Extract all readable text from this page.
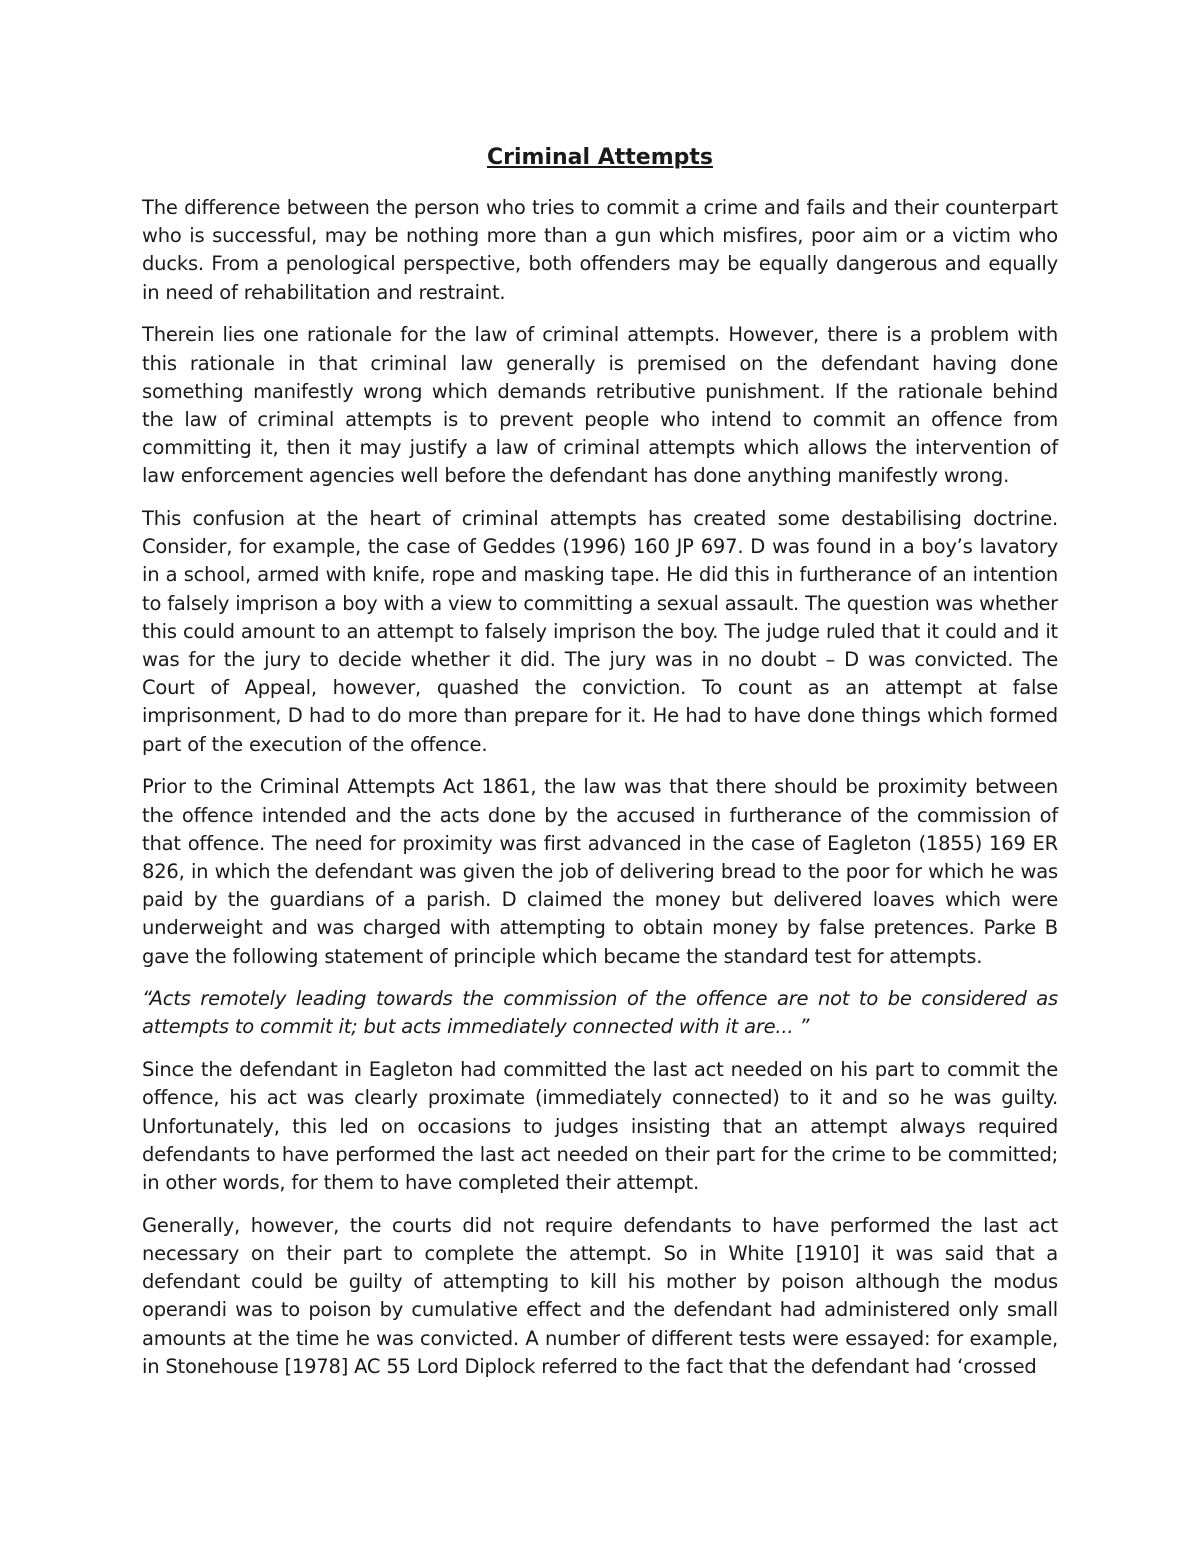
Criminal Attempts

The difference between the person who tries to commit a crime and fails and their counterpart who is successful, may be nothing more than a gun which misfires, poor aim or a victim who ducks. From a penological perspective, both offenders may be equally dangerous and equally in need of rehabilitation and restraint.

Therein lies one rationale for the law of criminal attempts. However, there is a problem with this rationale in that criminal law generally is premised on the defendant having done something manifestly wrong which demands retributive punishment. If the rationale behind the law of criminal attempts is to prevent people who intend to commit an offence from committing it, then it may justify a law of criminal attempts which allows the intervention of law enforcement agencies well before the defendant has done anything manifestly wrong.

This confusion at the heart of criminal attempts has created some destabilising doctrine. Consider, for example, the case of Geddes (1996) 160 JP 697. D was found in a boy’s lavatory in a school, armed with knife, rope and masking tape. He did this in furtherance of an intention to falsely imprison a boy with a view to committing a sexual assault. The question was whether this could amount to an attempt to falsely imprison the boy. The judge ruled that it could and it was for the jury to decide whether it did. The jury was in no doubt – D was convicted. The Court of Appeal, however, quashed the conviction. To count as an attempt at false imprisonment, D had to do more than prepare for it. He had to have done things which formed part of the execution of the offence.

Prior to the Criminal Attempts Act 1861, the law was that there should be proximity between the offence intended and the acts done by the accused in furtherance of the commission of that offence. The need for proximity was first advanced in the case of Eagleton (1855) 169 ER 826, in which the defendant was given the job of delivering bread to the poor for which he was paid by the guardians of a parish. D claimed the money but delivered loaves which were underweight and was charged with attempting to obtain money by false pretences. Parke B gave the following statement of principle which became the standard test for attempts.

“Acts remotely leading towards the commission of the offence are not to be considered as attempts to commit it; but acts immediately connected with it are... ”

Since the defendant in Eagleton had committed the last act needed on his part to commit the offence, his act was clearly proximate (immediately connected) to it and so he was guilty. Unfortunately, this led on occasions to judges insisting that an attempt always required defendants to have performed the last act needed on their part for the crime to be committed; in other words, for them to have completed their attempt.

Generally, however, the courts did not require defendants to have performed the last act necessary on their part to complete the attempt. So in White [1910] it was said that a defendant could be guilty of attempting to kill his mother by poison although the modus operandi was to poison by cumulative effect and the defendant had administered only small amounts at the time he was convicted. A number of different tests were essayed: for example, in Stonehouse [1978] AC 55 Lord Diplock referred to the fact that the defendant had ‘crossed
